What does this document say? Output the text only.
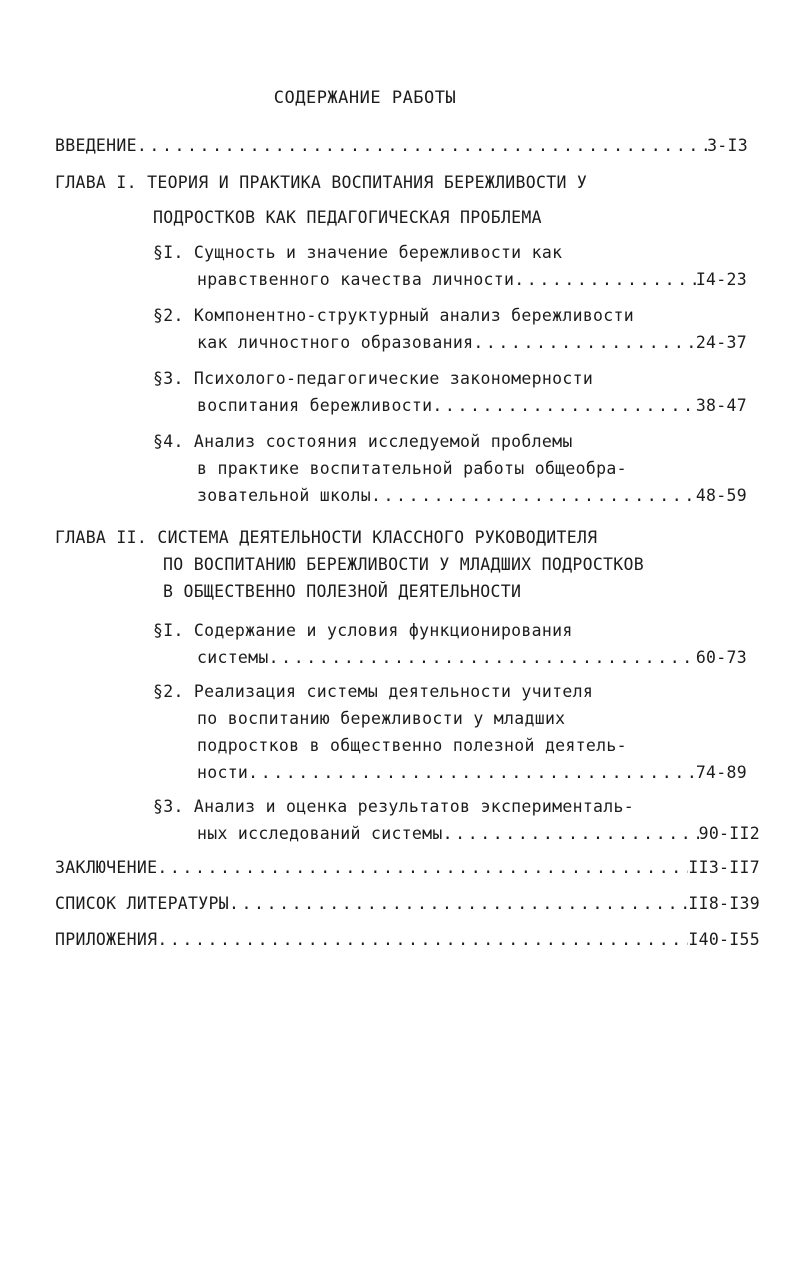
СОДЕРЖАНИЕ РАБОТЫ
ВВЕДЕНИЕ .....	3-I3
ГЛАВА I. ТЕОРИЯ И ПРАКТИКА ВОСПИТАНИЯ БЕРЕЖЛИВОСТИ У
ПОДРОСТКОВ КАК ПЕДАГОГИЧЕСКАЯ ПРОБЛЕМА
§I. Сущность и значение бережливости как
нравственного качества личности .....	I4-23
§2. Компонентно-структурный анализ бережливости
как личностного образования .....	24-37
§3. Психолого-педагогические закономерности
воспитания бережливости .....	38-47
§4. Анализ состояния исследуемой проблемы
в практике воспитательной работы общеобра-
зовательной школы .....	48-59
ГЛАВА II. СИСТЕМА ДЕЯТЕЛЬНОСТИ КЛАССНОГО РУКОВОДИТЕЛЯ
ПО ВОСПИТАНИЮ БЕРЕЖЛИВОСТИ У МЛАДШИХ ПОДРОСТКОВ
В ОБЩЕСТВЕННО ПОЛЕЗНОЙ ДЕЯТЕЛЬНОСТИ
§I. Содержание и условия функционирования
системы .....	60-73
§2. Реализация системы деятельности учителя
по воспитанию бережливости у младших
подростков в общественно полезной деятель-
ности .....	74-89
§3. Анализ и оценка результатов эксперименталь-
ных исследований системы .....	90-II2
ЗАКЛЮЧЕНИЕ .....	II3-II7
СПИСОК ЛИТЕРАТУРЫ .....	II8-I39
ПРИЛОЖЕНИЯ .....	I40-I55
